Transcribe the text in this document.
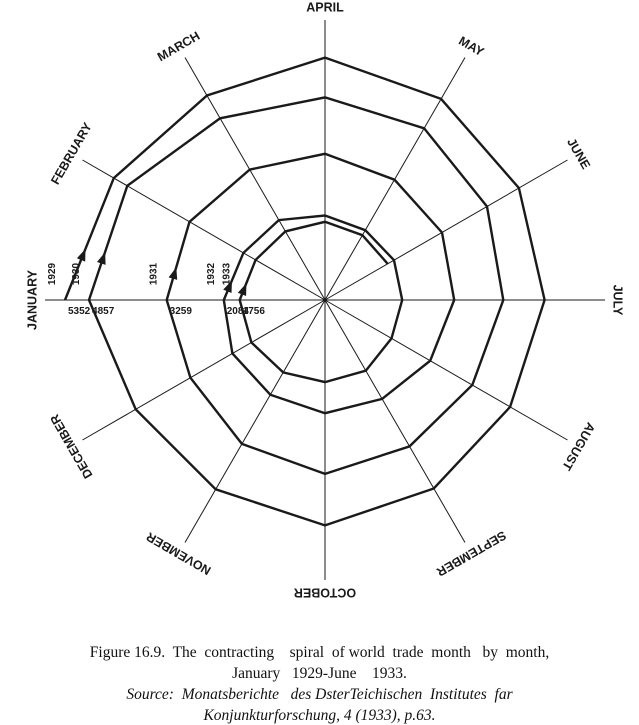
1929 1930	1931	1932 1933
5352 4857	3259	2084
1756
JANUARY
FEBRUARY
MARCH
APRIL
MAY
JUNE
JULY
AUGUST
SEPTEMBER
OCTOBER
NOVEMBER
DECEMBER
Figure 16.9.  The  contracting    spiral  of world  trade  month   by  month,
January   1929-June    1933.
Source:  Monatsberichte   des DsterTeichischen  Institutes  far
Konjunkturforschung, 4 (1933), p.63.
